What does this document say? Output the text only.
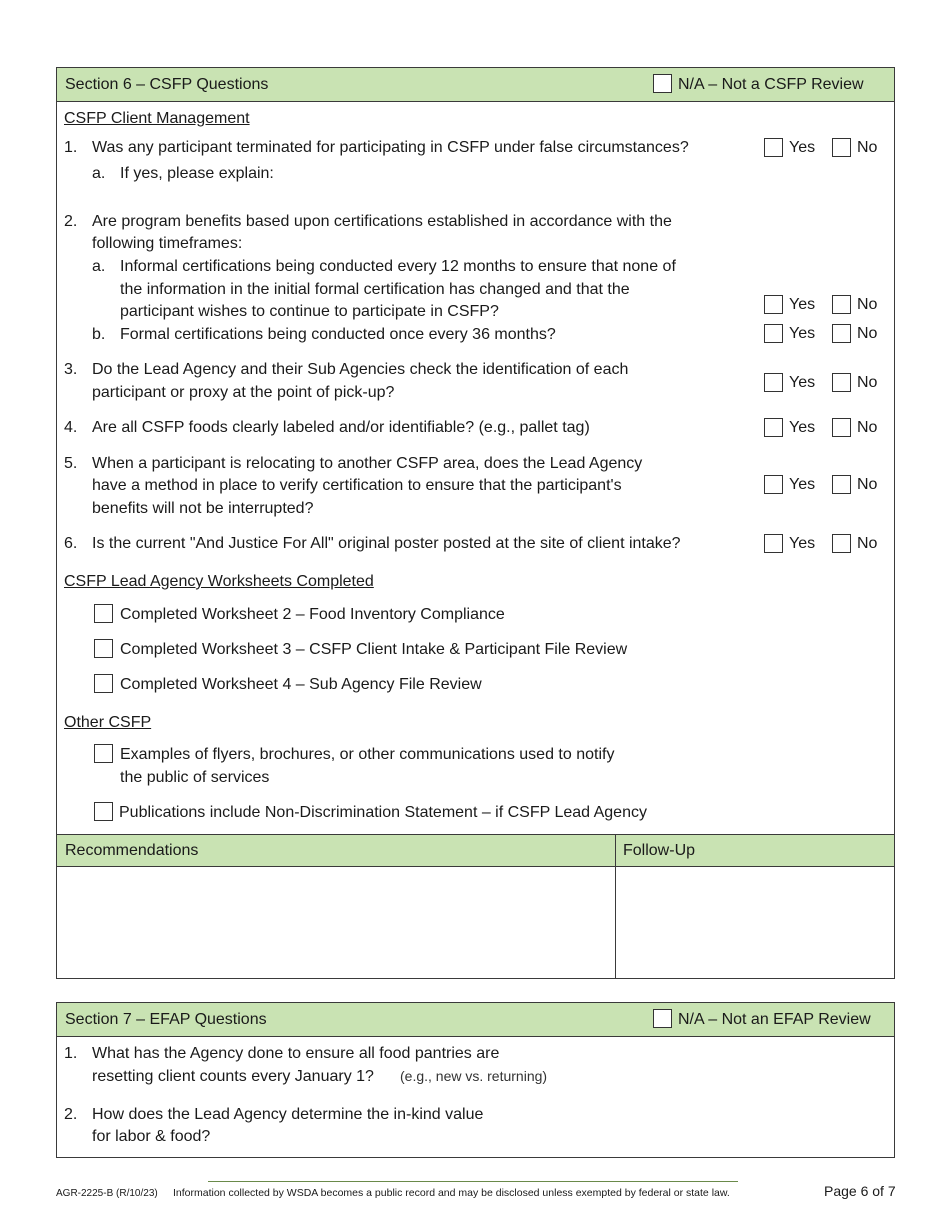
Section 6 – CSFP Questions	N/A – Not a CSFP Review
Recommendations	Follow-Up
CSFP Client Management
1. Was any participant terminated for participating in CSFP under false circumstances?
a. If yes, please explain:
Yes	No
2. Are program benefits based upon certifications established in accordance with the
following timeframes:
a. Informal certifications being conducted every 12 months to ensure that none of
the information in the initial formal certification has changed and that the
participant wishes to continue to participate in CSFP?	Yes	No
b. Formal certifications being conducted once every 36 months?	Yes	No
3. Do the Lead Agency and their Sub Agencies check the identification of each
participant or proxy at the point of pick-up?
Yes	No
4. Are all CSFP foods clearly labeled and/or identifiable? (e.g., pallet tag)	Yes	No
5. When a participant is relocating to another CSFP area, does the Lead Agency
have a method in place to verify certification to ensure that the participant's
benefits will not be interrupted?
Yes	No
6. Is the current "And Justice For All" original poster posted at the site of client intake?	Yes	No
CSFP Lead Agency Worksheets Completed
Completed Worksheet 2 – Food Inventory Compliance
Completed Worksheet 3 – CSFP Client Intake & Participant File Review
Completed Worksheet 4 – Sub Agency File Review
Other CSFP
Examples of flyers, brochures, or other communications used to notify
the public of services
Publications include Non-Discrimination Statement – if CSFP Lead Agency
Section 7 – EFAP Questions	N/A – Not an EFAP Review
1. What has the Agency done to ensure all food pantries are
resetting client counts every January 1? (e.g., new vs. returning)
2. How does the Lead Agency determine the in-kind value
for labor & food?
AGR-2225-B (R/10/23) Information collected by WSDA becomes a public record and may be disclosed unless exempted by federal or state law.	Page 6 of 7
